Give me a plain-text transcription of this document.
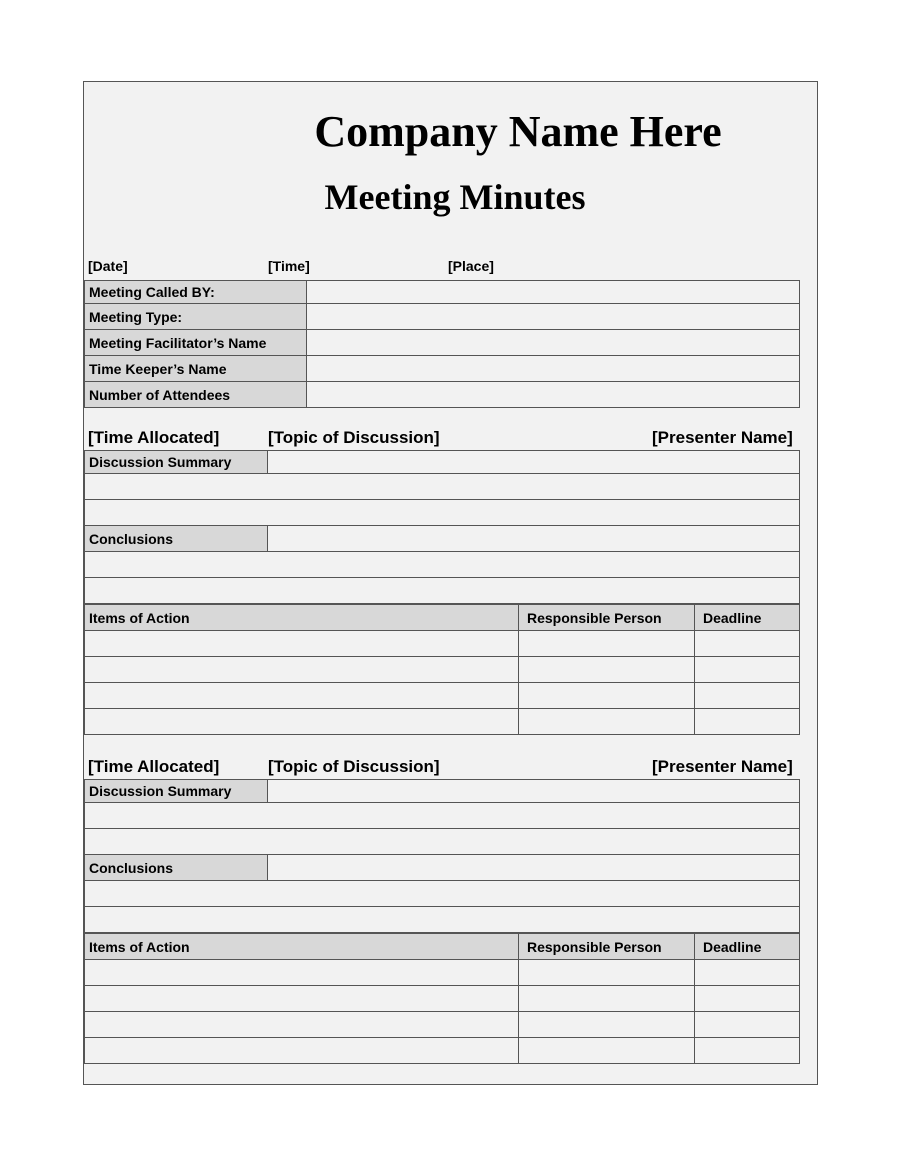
Company Name Here
Meeting Minutes
[Date]	[Time]	[Place]
Meeting Called BY:	
Meeting Type:	
Meeting Facilitator’s Name	
Time Keeper’s Name	
Number of Attendees	
[Time Allocated]	[Topic of Discussion]	[Presenter Name]
Discussion Summary	

Conclusions	

Items of Action	Responsible Person	Deadline

[Time Allocated]	[Topic of Discussion]	[Presenter Name]
Discussion Summary	

Conclusions	

Items of Action	Responsible Person	Deadline
